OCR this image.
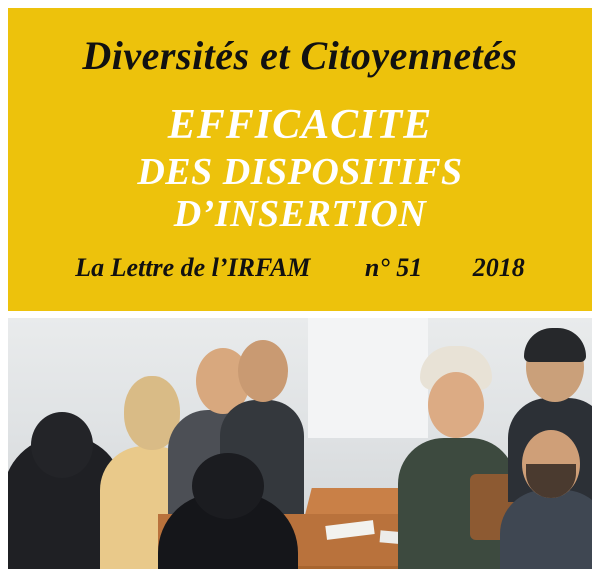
Diversités et Citoyennetés
EFFICACITE
DES DISPOSITIFS
D’INSERTION
La Lettre de l’IRFAM n° 51 2018
